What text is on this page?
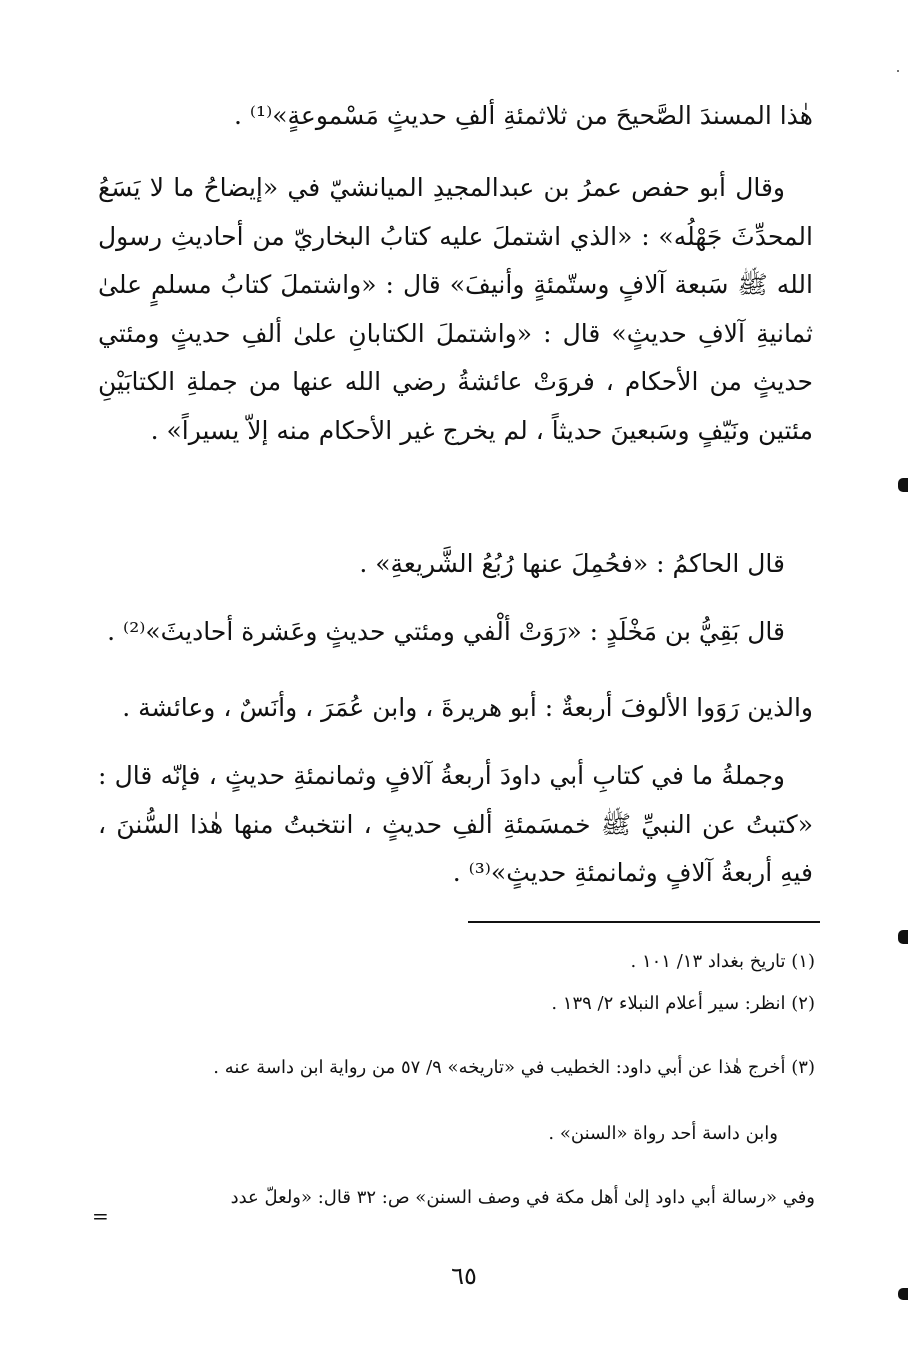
هٰذا المسندَ الصَّحيحَ من ثلاثمئةِ ألفِ حديثٍ مَسْموعةٍ»⁽¹⁾ .

وقال أبو حفص عمرُ بن عبدالمجيدِ الميانشيّ في «إيضاحُ ما لا يَسَعُ المحدِّثَ جَهْلُه» : «الذي اشتملَ عليه كتابُ البخاريّ من أحاديثِ رسول الله ﷺ سَبعة آلافٍ وستّمئةٍ وأنيفَ» قال : «واشتملَ كتابُ مسلمٍ علىٰ ثمانيةِ آلافِ حديثٍ» قال : «واشتملَ الكتابانِ علىٰ ألفِ حديثٍ ومئتي حديثٍ من الأحكام ، فروَتْ عائشةُ رضي الله عنها من جملةِ الكتابَيْنِ مئتين ونَيّفٍ وسَبعينَ حديثاً ، لم يخرج غير الأحكام منه إلاّ يسيراً» .

قال الحاكمُ : «فحُمِلَ عنها رُبُعُ الشَّريعةِ» .

قال بَقِيُّ بن مَخْلَدٍ : «رَوَتْ ألْفي ومئتي حديثٍ وعَشرة أحاديثَ»⁽²⁾ .

والذين رَوَوا الألوفَ أربعةٌ : أبو هريرةَ ، وابن عُمَرَ ، وأنَسٌ ، وعائشة .

وجملةُ ما في كتابِ أبي داودَ أربعةُ آلافٍ وثمانمئةِ حديثٍ ، فإنّه قال : «كتبتُ عن النبيِّ ﷺ خمسَمئةِ ألفِ حديثٍ ، انتخبتُ منها هٰذا السُّننَ ، فيهِ أربعةُ آلافٍ وثمانمئةِ حديثٍ»⁽³⁾ .

(١) تاريخ بغداد ١٣/ ١٠١ .

(٢) انظر: سير أعلام النبلاء ٢/ ١٣٩ .

(٣) أخرج هٰذا عن أبي داود: الخطيب في «تاريخه» ٩/ ٥٧ من رواية ابن داسة عنه .

وابن داسة أحد رواة «السنن» .

وفي «رسالة أبي داود إلىٰ أهل مكة في وصف السنن» ص: ٣٢ قال: «ولعلّ عدد

=
٦٥
